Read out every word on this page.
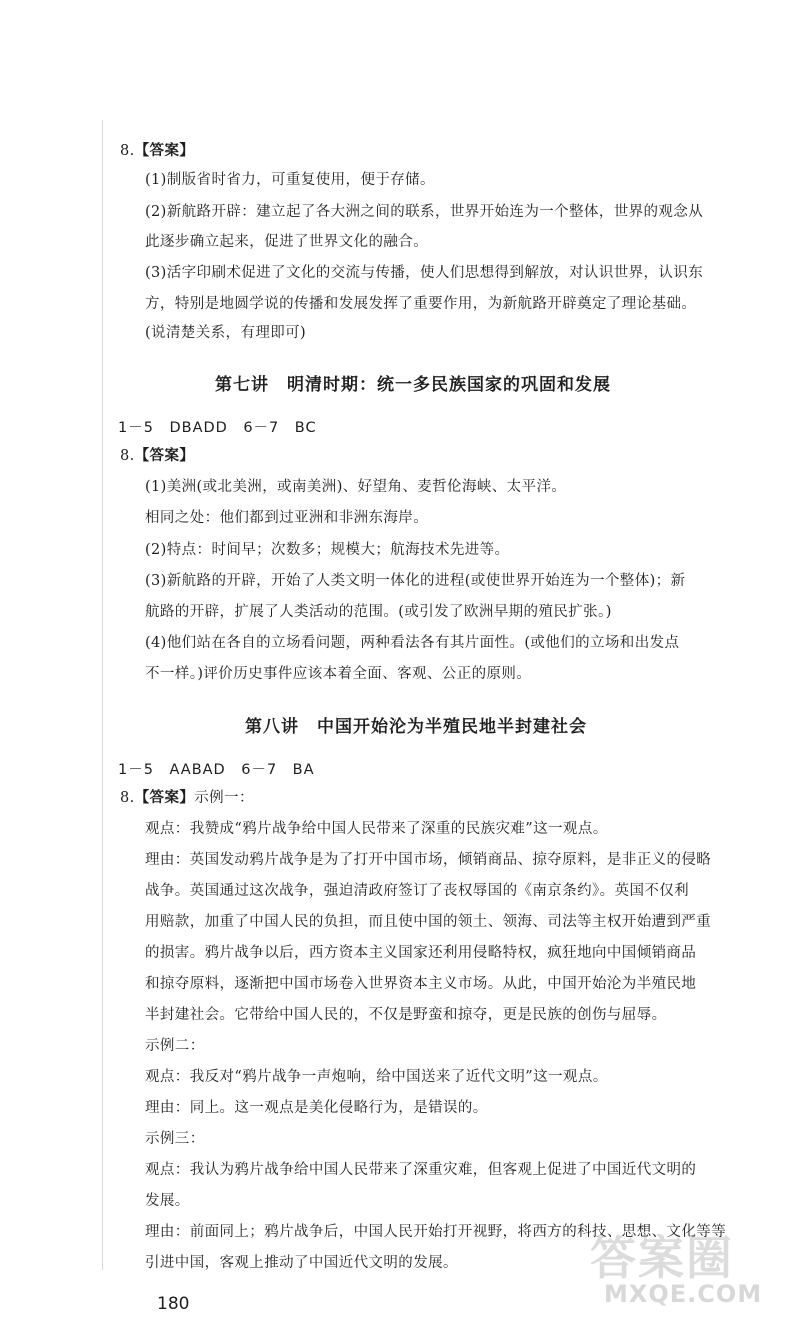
8.【答案】
(1)制版省时省力，可重复使用，便于存储。
(2)新航路开辟：建立起了各大洲之间的联系，世界开始连为一个整体，世界的观念从
此逐步确立起来，促进了世界文化的融合。
(3)活字印刷术促进了文化的交流与传播，使人们思想得到解放，对认识世界，认识东
方，特别是地圆学说的传播和发展发挥了重要作用，为新航路开辟奠定了理论基础。
(说清楚关系，有理即可)
第七讲　明清时期：统一多民族国家的巩固和发展
1－5　DBADD　6－7　BC
8.【答案】
(1)美洲(或北美洲，或南美洲)、好望角、麦哲伦海峡、太平洋。
相同之处：他们都到过亚洲和非洲东海岸。
(2)特点：时间早；次数多；规模大；航海技术先进等。
(3)新航路的开辟，开始了人类文明一体化的进程(或使世界开始连为一个整体)；新
航路的开辟，扩展了人类活动的范围。(或引发了欧洲早期的殖民扩张。)
(4)他们站在各自的立场看问题，两种看法各有其片面性。(或他们的立场和出发点
不一样。)评价历史事件应该本着全面、客观、公正的原则。
第八讲　中国开始沦为半殖民地半封建社会
1－5　AABAD　6－7　BA
8.【答案】示例一：
观点：我赞成“鸦片战争给中国人民带来了深重的民族灾难”这一观点。
理由：英国发动鸦片战争是为了打开中国市场，倾销商品、掠夺原料，是非正义的侵略
战争。英国通过这次战争，强迫清政府签订了丧权辱国的《南京条约》。英国不仅利
用赔款，加重了中国人民的负担，而且使中国的领土、领海、司法等主权开始遭到严重
的损害。鸦片战争以后，西方资本主义国家还利用侵略特权，疯狂地向中国倾销商品
和掠夺原料，逐渐把中国市场卷入世界资本主义市场。从此，中国开始沦为半殖民地
半封建社会。它带给中国人民的，不仅是野蛮和掠夺，更是民族的创伤与屈辱。
示例二：
观点：我反对“鸦片战争一声炮响，给中国送来了近代文明”这一观点。
理由：同上。这一观点是美化侵略行为，是错误的。
示例三：
观点：我认为鸦片战争给中国人民带来了深重灾难，但客观上促进了中国近代文明的
发展。
理由：前面同上；鸦片战争后，中国人民开始打开视野，将西方的科技、思想、文化等等
引进中国，客观上推动了中国近代文明的发展。
180
答案圈
MXQE.COM
